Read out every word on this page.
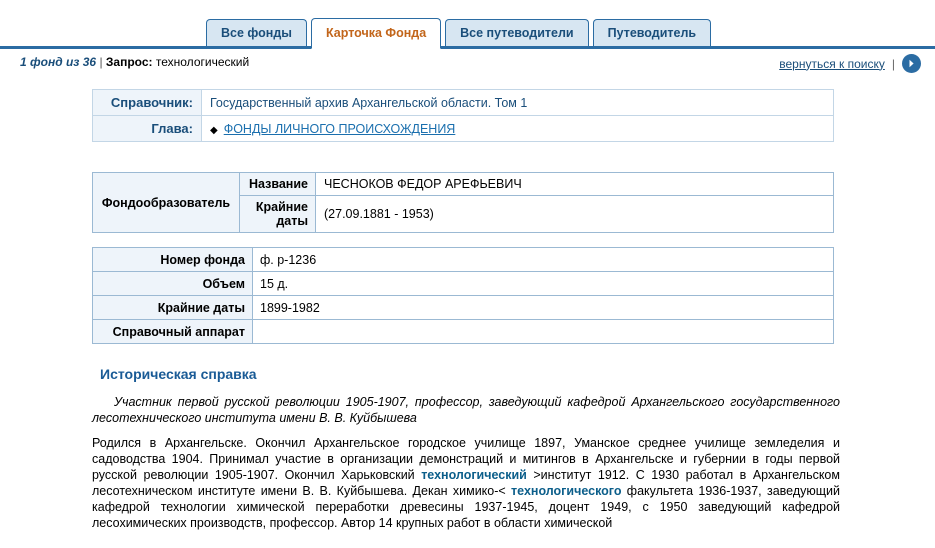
Все фонды	Карточка Фонда	Все путеводители	Путеводитель
1 фонд из 36 | Запрос: технологический	вернуться к поиску |
Справочник:	Государственный архив Архангельской области. Том 1
Глава:	◆ ФОНДЫ ЛИЧНОГО ПРОИСХОЖДЕНИЯ
Фондообразователь	Название	ЧЕСНОКОВ ФЕДОР АРЕФЬЕВИЧ
	Крайние даты	(27.09.1881 - 1953)
Номер фонда	ф. р-1236
Объем	15 д.
Крайние даты	1899-1982
Справочный аппарат	
Историческая справка

Участник первой русской революции 1905-1907, профессор, заведующий кафедрой Архангельского государственного лесотехнического института имени В. В. Куйбышева

Родился в Архангельске. Окончил Архангельское городское училище 1897, Уманское среднее училище земледелия и садоводства 1904. Принимал участие в организации демонстраций и митингов в Архангельске и губернии в годы первой русской революции 1905-1907. Окончил Харьковский технологический >институт 1912. С 1930 работал в Архангельском лесотехническом институте имени В. В. Куйбышева. Декан химико-< технологического факультета 1936-1937, заведующий кафедрой технологии химической переработки древесины 1937-1945, доцент 1949, с 1950 заведующий кафедрой лесохимических производств, профессор. Автор 14 крупных работ в области химической
